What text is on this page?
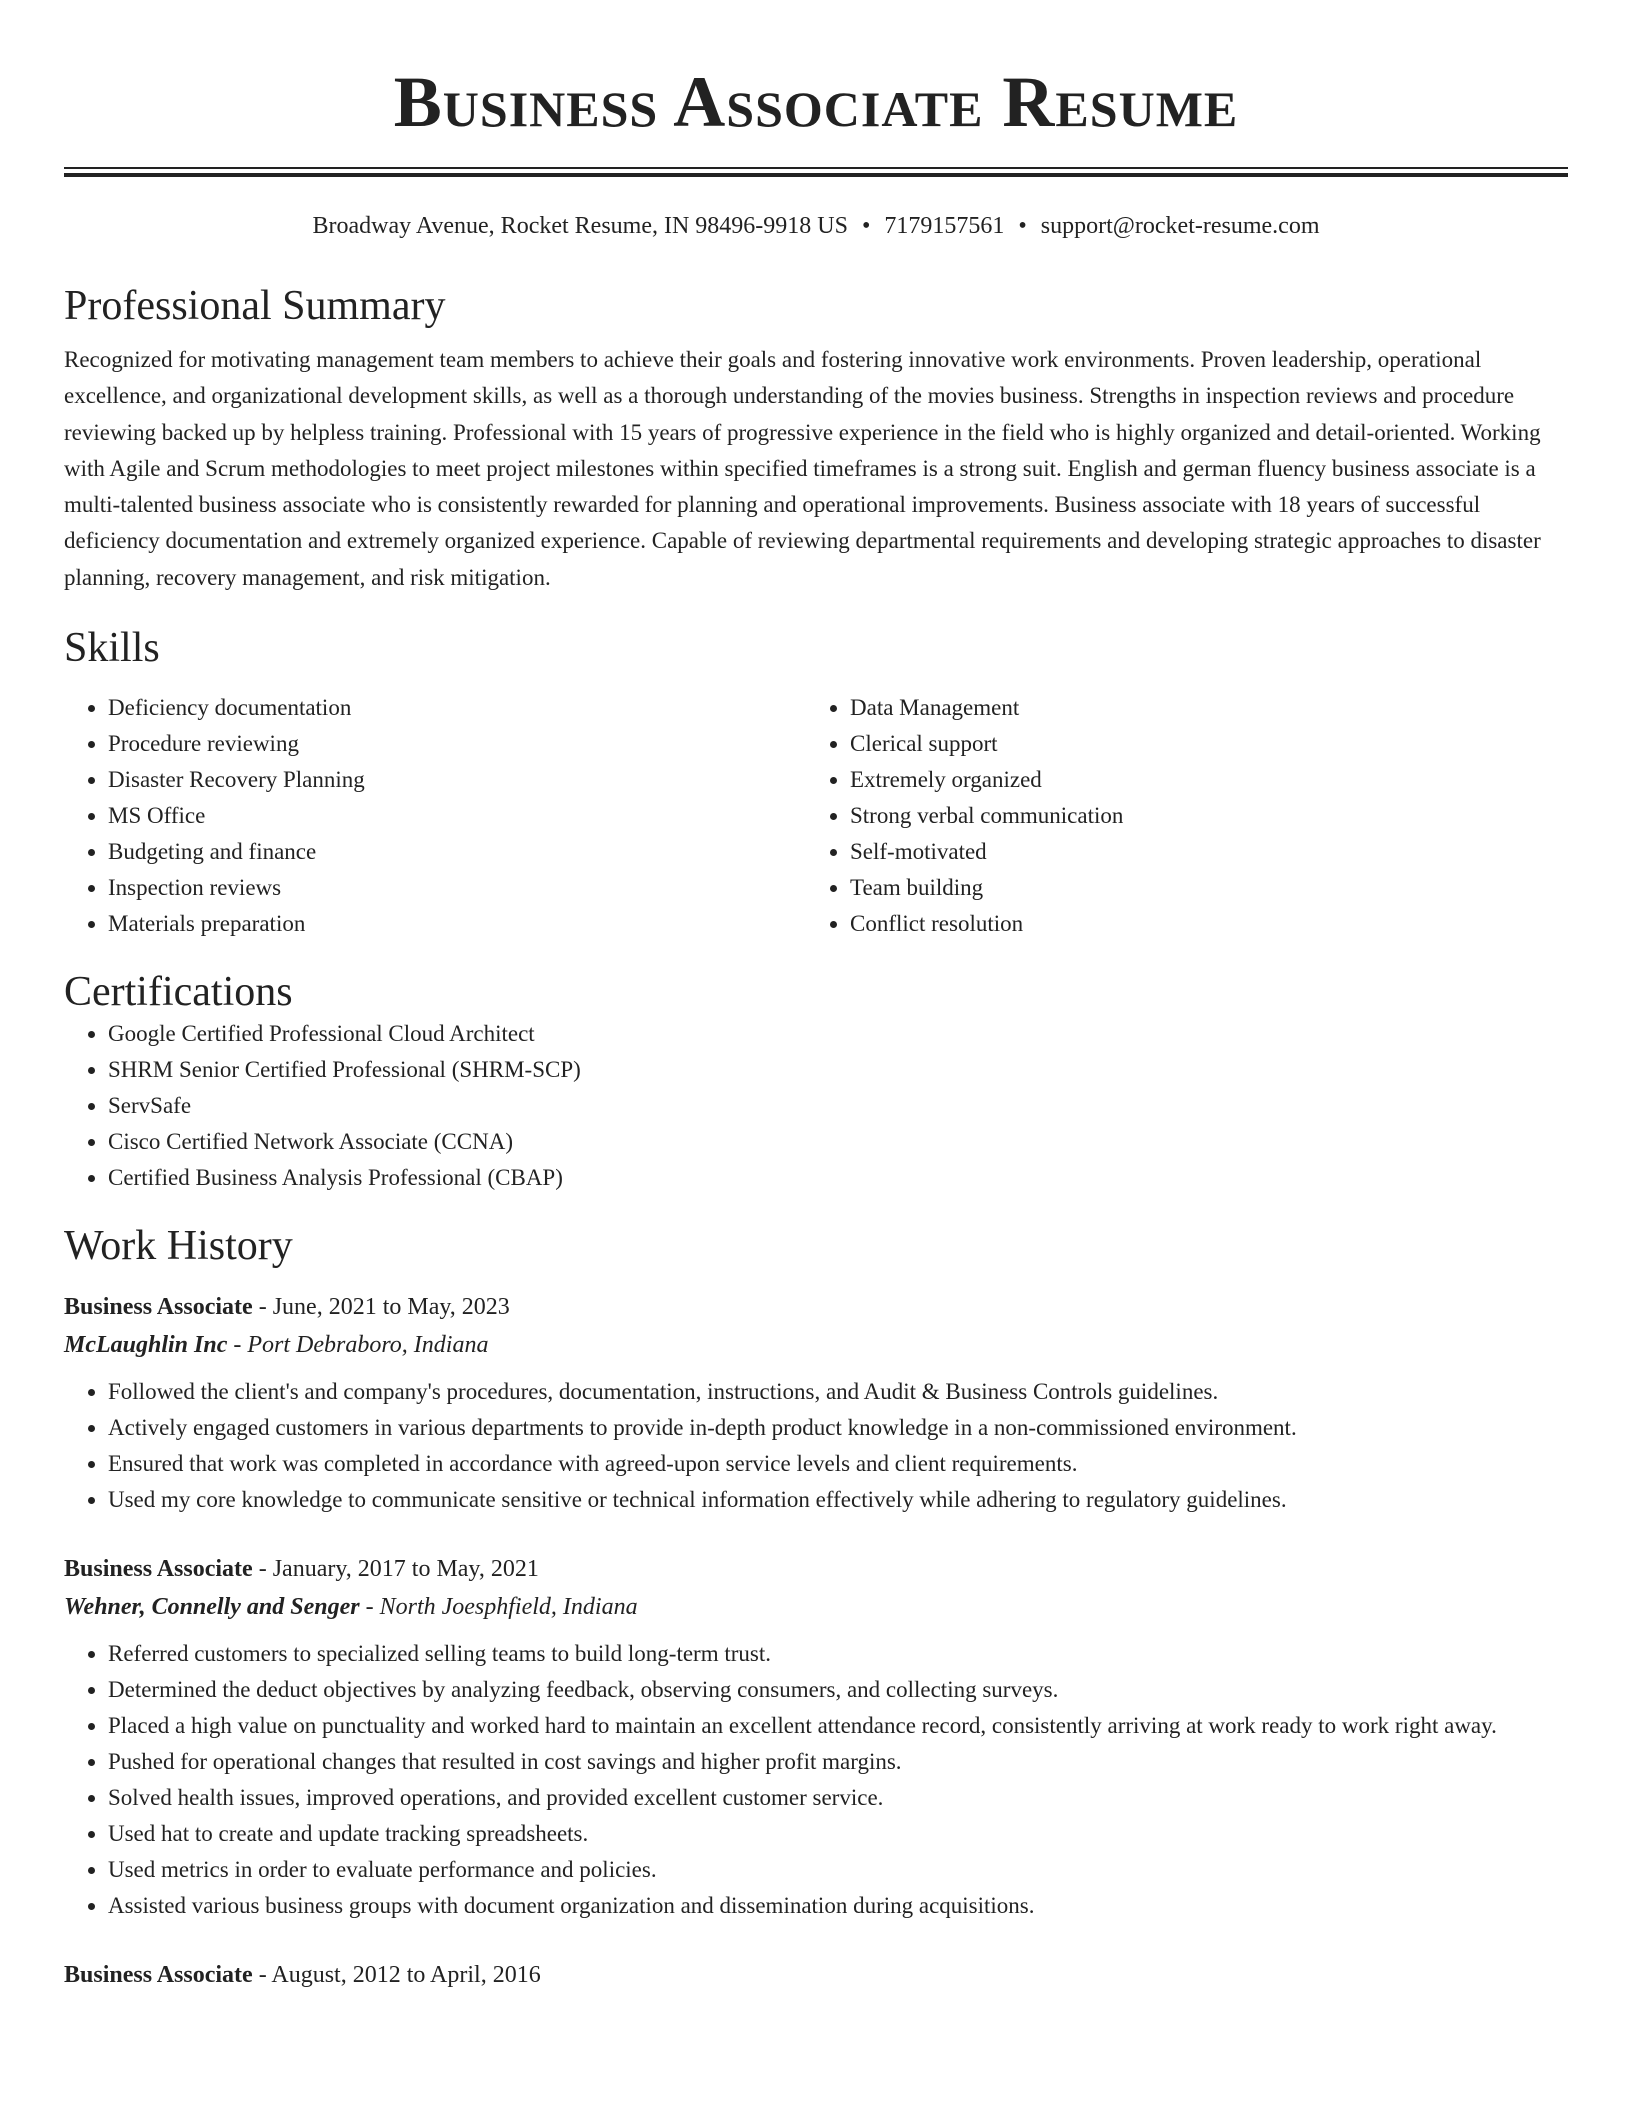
Business Associate Resume
Broadway Avenue, Rocket Resume, IN 98496-9918 US • 7179157561 • support@rocket-resume.com
Professional Summary
Recognized for motivating management team members to achieve their goals and fostering innovative work environments. Proven leadership, operational excellence, and organizational development skills, as well as a thorough understanding of the movies business. Strengths in inspection reviews and procedure reviewing backed up by helpless training. Professional with 15 years of progressive experience in the field who is highly organized and detail-oriented. Working with Agile and Scrum methodologies to meet project milestones within specified timeframes is a strong suit. English and german fluency business associate is a multi-talented business associate who is consistently rewarded for planning and operational improvements. Business associate with 18 years of successful deficiency documentation and extremely organized experience. Capable of reviewing departmental requirements and developing strategic approaches to disaster planning, recovery management, and risk mitigation.
Skills
• Deficiency documentation
• Procedure reviewing
• Disaster Recovery Planning
• MS Office
• Budgeting and finance
• Inspection reviews
• Materials preparation
• Data Management
• Clerical support
• Extremely organized
• Strong verbal communication
• Self-motivated
• Team building
• Conflict resolution
Certifications
• Google Certified Professional Cloud Architect
• SHRM Senior Certified Professional (SHRM-SCP)
• ServSafe
• Cisco Certified Network Associate (CCNA)
• Certified Business Analysis Professional (CBAP)
Work History
Business Associate - June, 2021 to May, 2023
McLaughlin Inc - Port Debraboro, Indiana
• Followed the client's and company's procedures, documentation, instructions, and Audit & Business Controls guidelines.
• Actively engaged customers in various departments to provide in-depth product knowledge in a non-commissioned environment.
• Ensured that work was completed in accordance with agreed-upon service levels and client requirements.
• Used my core knowledge to communicate sensitive or technical information effectively while adhering to regulatory guidelines.
Business Associate - January, 2017 to May, 2021
Wehner, Connelly and Senger - North Joesphfield, Indiana
• Referred customers to specialized selling teams to build long-term trust.
• Determined the deduct objectives by analyzing feedback, observing consumers, and collecting surveys.
• Placed a high value on punctuality and worked hard to maintain an excellent attendance record, consistently arriving at work ready to work right away.
• Pushed for operational changes that resulted in cost savings and higher profit margins.
• Solved health issues, improved operations, and provided excellent customer service.
• Used hat to create and update tracking spreadsheets.
• Used metrics in order to evaluate performance and policies.
• Assisted various business groups with document organization and dissemination during acquisitions.
Business Associate - August, 2012 to April, 2016
